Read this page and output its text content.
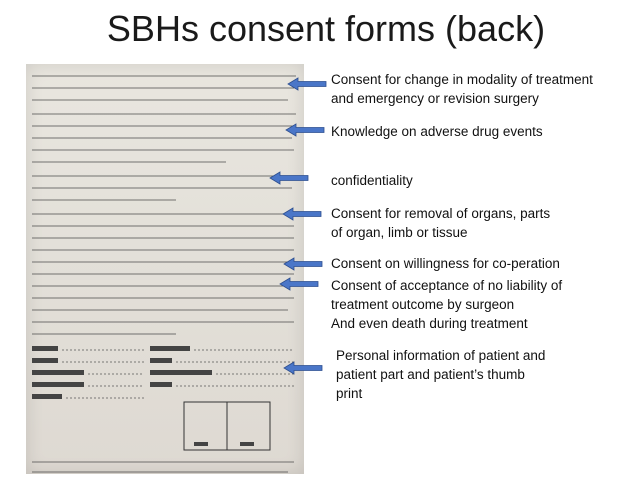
SBHs consent forms (back)
Consent for change in modality of treatment
and emergency or revision surgery
Knowledge on adverse drug events
confidentiality
Consent for removal of organs, parts
of organ, limb or tissue
Consent on willingness for co-peration
Consent of acceptance of no liability of
treatment outcome by surgeon
And even death during treatment
Personal information of patient and
patient part and patient’s thumb
print
